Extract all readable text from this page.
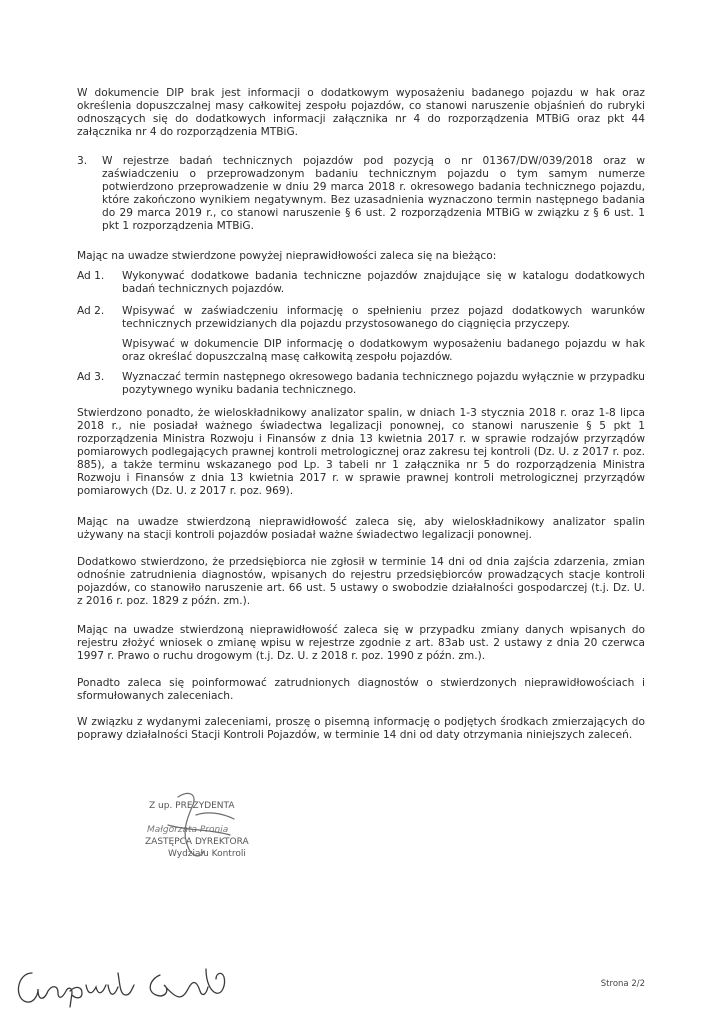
W dokumencie DIP brak jest informacji o dodatkowym wyposażeniu badanego pojazdu w hak oraz określenia dopuszczalnej masy całkowitej zespołu pojazdów, co stanowi naruszenie objaśnień do rubryki odnoszących się do dodatkowych informacji załącznika nr 4 do rozporządzenia MTBiG oraz pkt 44 załącznika nr 4 do rozporządzenia MTBiG.
3. W rejestrze badań technicznych pojazdów pod pozycją o nr 01367/DW/039/2018 oraz w zaświadczeniu o przeprowadzonym badaniu technicznym pojazdu o tym samym numerze potwierdzono przeprowadzenie w dniu 29 marca 2018 r. okresowego badania technicznego pojazdu, które zakończono wynikiem negatywnym. Bez uzasadnienia wyznaczono termin następnego badania do 29 marca 2019 r., co stanowi naruszenie § 6 ust. 2 rozporządzenia MTBiG w związku z § 6 ust. 1 pkt 1 rozporządzenia MTBiG.
Mając na uwadze stwierdzone powyżej nieprawidłowości zaleca się na bieżąco:
Ad 1. Wykonywać dodatkowe badania techniczne pojazdów znajdujące się w katalogu dodatkowych badań technicznych pojazdów.
Ad 2. Wpisywać w zaświadczeniu informację o spełnieniu przez pojazd dodatkowych warunków technicznych przewidzianych dla pojazdu przystosowanego do ciągnięcia przyczepy.
Wpisywać w dokumencie DIP informację o dodatkowym wyposażeniu badanego pojazdu w hak oraz określać dopuszczalną masę całkowitą zespołu pojazdów.
Ad 3. Wyznaczać termin następnego okresowego badania technicznego pojazdu wyłącznie w przypadku pozytywnego wyniku badania technicznego.
Stwierdzono ponadto, że wieloskładnikowy analizator spalin, w dniach 1-3 stycznia 2018 r. oraz 1-8 lipca 2018 r., nie posiadał ważnego świadectwa legalizacji ponownej, co stanowi naruszenie § 5 pkt 1 rozporządzenia Ministra Rozwoju i Finansów z dnia 13 kwietnia 2017 r. w sprawie rodzajów przyrządów pomiarowych podlegających prawnej kontroli metrologicznej oraz zakresu tej kontroli (Dz. U. z 2017 r. poz. 885), a także terminu wskazanego pod Lp. 3 tabeli nr 1 załącznika nr 5 do rozporządzenia Ministra Rozwoju i Finansów z dnia 13 kwietnia 2017 r. w sprawie prawnej kontroli metrologicznej przyrządów pomiarowych (Dz. U. z 2017 r. poz. 969).
Mając na uwadze stwierdzoną nieprawidłowość zaleca się, aby wieloskładnikowy analizator spalin używany na stacji kontroli pojazdów posiadał ważne świadectwo legalizacji ponownej.
Dodatkowo stwierdzono, że przedsiębiorca nie zgłosił w terminie 14 dni od dnia zajścia zdarzenia, zmian odnośnie zatrudnienia diagnostów, wpisanych do rejestru przedsiębiorców prowadzących stacje kontroli pojazdów, co stanowiło naruszenie art. 66 ust. 5 ustawy o swobodzie działalności gospodarczej (t.j. Dz. U. z 2016 r. poz. 1829 z późn. zm.).
Mając na uwadze stwierdzoną nieprawidłowość zaleca się w przypadku zmiany danych wpisanych do rejestru złożyć wniosek o zmianę wpisu w rejestrze zgodnie z art. 83ab ust. 2 ustawy z dnia 20 czerwca 1997 r. Prawo o ruchu drogowym (t.j. Dz. U. z 2018 r. poz. 1990 z późn. zm.).
Ponadto zaleca się poinformować zatrudnionych diagnostów o stwierdzonych nieprawidłowościach i sformułowanych zaleceniach.
W związku z wydanymi zaleceniami, proszę o pisemną informację o podjętych środkach zmierzających do poprawy działalności Stacji Kontroli Pojazdów, w terminie 14 dni od daty otrzymania niniejszych zaleceń.
Z up. PREZYDENTA
Małgorzata Pronia
ZASTĘPCA DYREKTORA
Wydziału Kontroli
Strona 2/2
